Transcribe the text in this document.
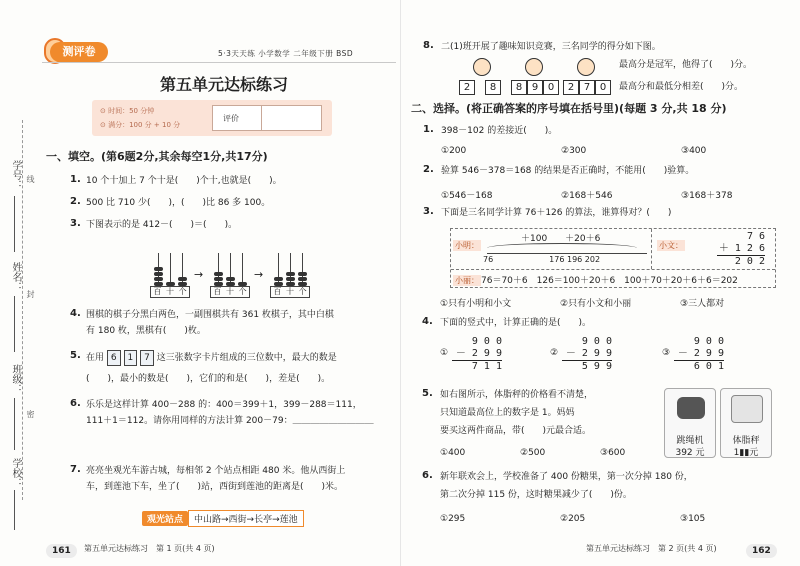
学号：
姓名：
班级：
学校：
线
封
密
测评卷	5·3天天练 小学数学 二年级下册 BSD
第五单元达标练习
⊙ 时间：50 分钟
⊙ 满分：100 分 + 10 分
评价
一、填空。(第6题2分,其余每空1分,共17分)
1. 10 个十加上 7 个十是(　　)个十,也就是(　　)。
2. 500 比 710 少(　　)，(　　)比 86 多 100。
3. 下图表示的是 412－(　　)＝(　　)。
百 十 个
→
百 十 个
→
百 十 个
4. 围棋的棋子分黑白两色，一副围棋共有 361 枚棋子，其中白棋
有 180 枚，黑棋有(　　)枚。
5. 在用 6 1 7 这三张数字卡片组成的三位数中，最大的数是
(　　)，最小的数是(　　)，它们的和是(　　)，差是(　　)。
6. 乐乐是这样计算 400－288 的：400＝399＋1，399－288＝111，
111＋1＝112。请你用同样的方法计算 200－79：＿＿＿＿＿＿＿＿＿
7. 亮亮坐观光车游古城，每相邻 2 个站点相距 480 米。他从西街上
车，到莲池下车，坐了(　　)站，西街到莲池的距离是(　　)米。
观光站点	中山路→西街→长亭→莲池
161	第五单元达标练习　第 1 页(共 4 页)
8. 二(1)班开展了趣味知识竞赛，三名同学的得分如下图。
2	8	8 9 0	2 7 0
最高分是冠军，他得了(　　)分。
最高分和最低分相差(　　)分。
二、选择。(将正确答案的序号填在括号里)(每题 3 分,共 18 分)
1. 398－102 的差接近(　　)。
①200	②300	③400
2. 验算 546－378＝168 的结果是否正确时，不能用(　　)验算。
①546－168	②168＋546	③168＋378
3. 下面是三名同学计算 76＋126 的算法，谁算得对？(　　)
小明：
＋100　　＋20＋6
76　　　　　　　176 196 202
小文：
7 6
＋ 1 2 6
2 0 2
小丽： 76＝70＋6　126＝100＋20＋6　100＋70＋20＋6＋6＝202
①只有小明和小文	②只有小文和小丽	③三人都对
4. 下面的竖式中，计算正确的是(　　)。
①
9 0 0
－ 2 9 9
7 1 1
②
9 0 0
－ 2 9 9
5 9 9
③
9 0 0
－ 2 9 9
6 0 1
5. 如右图所示，体脂秤的价格看不清楚，
只知道最高位上的数字是 1。妈妈
要买这两件商品，带(　　)元最合适。
①400	②500	③600
跳绳机
392 元
体脂秤
1▮▮元
6. 新年联欢会上，学校准备了 400 份糖果，第一次分掉 180 份，
第二次分掉 115 份，这时糖果减少了(　　)份。
①295	②205	③105
第五单元达标练习　第 2 页(共 4 页)	162
